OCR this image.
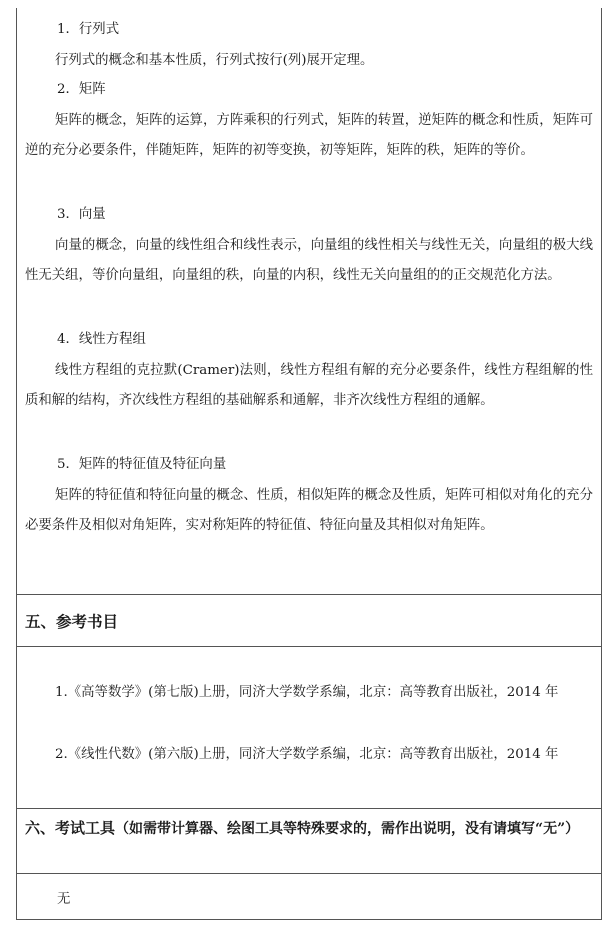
1．行列式

行列式的概念和基本性质，行列式按行(列)展开定理。

2．矩阵

矩阵的概念，矩阵的运算，方阵乘积的行列式，矩阵的转置，逆矩阵的概念和性质，矩阵可逆的充分必要条件，伴随矩阵，矩阵的初等变换，初等矩阵，矩阵的秩，矩阵的等价。

3．向量

向量的概念，向量的线性组合和线性表示，向量组的线性相关与线性无关，向量组的极大线性无关组，等价向量组，向量组的秩，向量的内积，线性无关向量组的的正交规范化方法。

4．线性方程组

线性方程组的克拉默(Cramer)法则，线性方程组有解的充分必要条件，线性方程组解的性质和解的结构，齐次线性方程组的基础解系和通解，非齐次线性方程组的通解。

5．矩阵的特征值及特征向量

矩阵的特征值和特征向量的概念、性质，相似矩阵的概念及性质，矩阵可相似对角化的充分必要条件及相似对角矩阵，实对称矩阵的特征值、特征向量及其相似对角矩阵。

五、参考书目

1.《高等数学》(第七版)上册，同济大学数学系编，北京：高等教育出版社，2014 年

2.《线性代数》(第六版)上册，同济大学数学系编，北京：高等教育出版社，2014 年

六、考试工具（如需带计算器、绘图工具等特殊要求的，需作出说明，没有请填写“无”）
无
